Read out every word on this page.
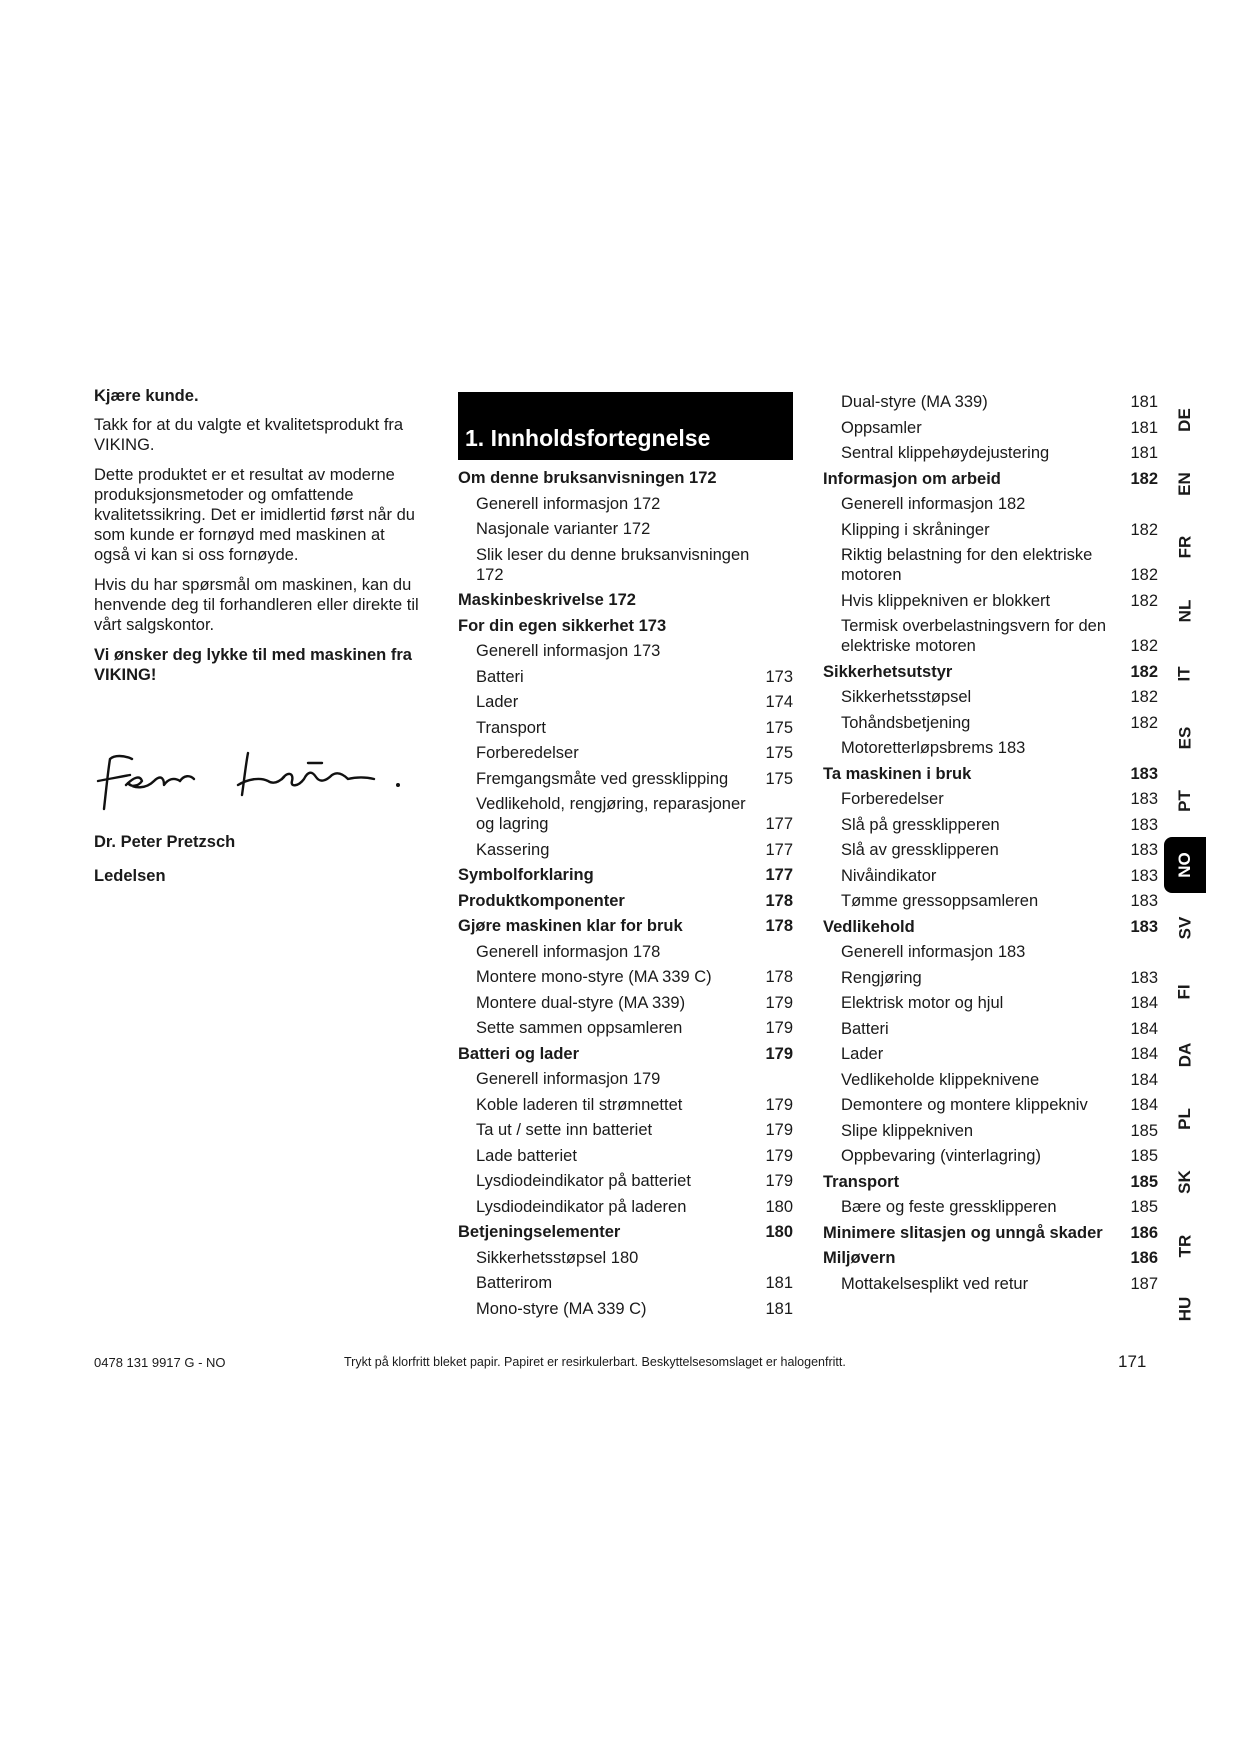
Kjære kunde.

Takk for at du valgte et kvalitetsprodukt fra VIKING.

Dette produktet er et resultat av moderne produksjonsmetoder og omfattende kvalitetssikring. Det er imidlertid først når du som kunde er fornøyd med maskinen at også vi kan si oss fornøyde.

Hvis du har spørsmål om maskinen, kan du henvende deg til forhandleren eller direkte til vårt salgskontor.

Vi ønsker deg lykke til med maskinen fra VIKING!

Dr. Peter Pretzsch

Ledelsen

1. Innholdsfortegnelse
Om denne bruksanvisningen 172
Generell informasjon 172
Nasjonale varianter 172
Slik leser du denne bruksanvisningen 172
Maskinbeskrivelse 172
For din egen sikkerhet 173
Generell informasjon 173
Batteri	173
Lader	174
Transport	175
Forberedelser	175
Fremgangsmåte ved gressklipping	175
Vedlikehold, rengjøring, reparasjoner og lagring	177
Kassering	177
Symbolforklaring	177
Produktkomponenter	178
Gjøre maskinen klar for bruk	178
Generell informasjon 178
Montere mono-styre (MA 339 C)	178
Montere dual-styre (MA 339)	179
Sette sammen oppsamleren	179
Batteri og lader	179
Generell informasjon 179
Koble laderen til strømnettet	179
Ta ut / sette inn batteriet	179
Lade batteriet	179
Lysdiodeindikator på batteriet	179
Lysdiodeindikator på laderen	180
Betjeningselementer	180
Sikkerhetsstøpsel 180
Batterirom	181
Mono-styre (MA 339 C)	181
Dual-styre (MA 339)	181
Oppsamler	181
Sentral klippehøydejustering	181
Informasjon om arbeid	182
Generell informasjon 182
Klipping i skråninger	182
Riktig belastning for den elektriske motoren	182
Hvis klippekniven er blokkert	182
Termisk overbelastningsvern for den elektriske motoren	182
Sikkerhetsutstyr	182
Sikkerhetsstøpsel	182
Tohåndsbetjening	182
Motoretterløpsbrems 183
Ta maskinen i bruk	183
Forberedelser	183
Slå på gressklipperen	183
Slå av gressklipperen	183
Nivåindikator	183
Tømme gressoppsamleren	183
Vedlikehold	183
Generell informasjon 183
Rengjøring	183
Elektrisk motor og hjul	184
Batteri	184
Lader	184
Vedlikeholde klippeknivene	184
Demontere og montere klippekniv	184
Slipe klippekniven	185
Oppbevaring (vinterlagring)	185
Transport	185
Bære og feste gressklipperen	185
Minimere slitasjen og unngå skader	186
Miljøvern	186
Mottakelsesplikt ved retur	187
DE
EN
FR
NL
IT
ES
PT
NO
SV
FI
DA
PL
SK
TR
HU
0478 131 9917 G - NO	Trykt på klorfritt bleket papir. Papiret er resirkulerbart. Beskyttelsesomslaget er halogenfritt.	171
